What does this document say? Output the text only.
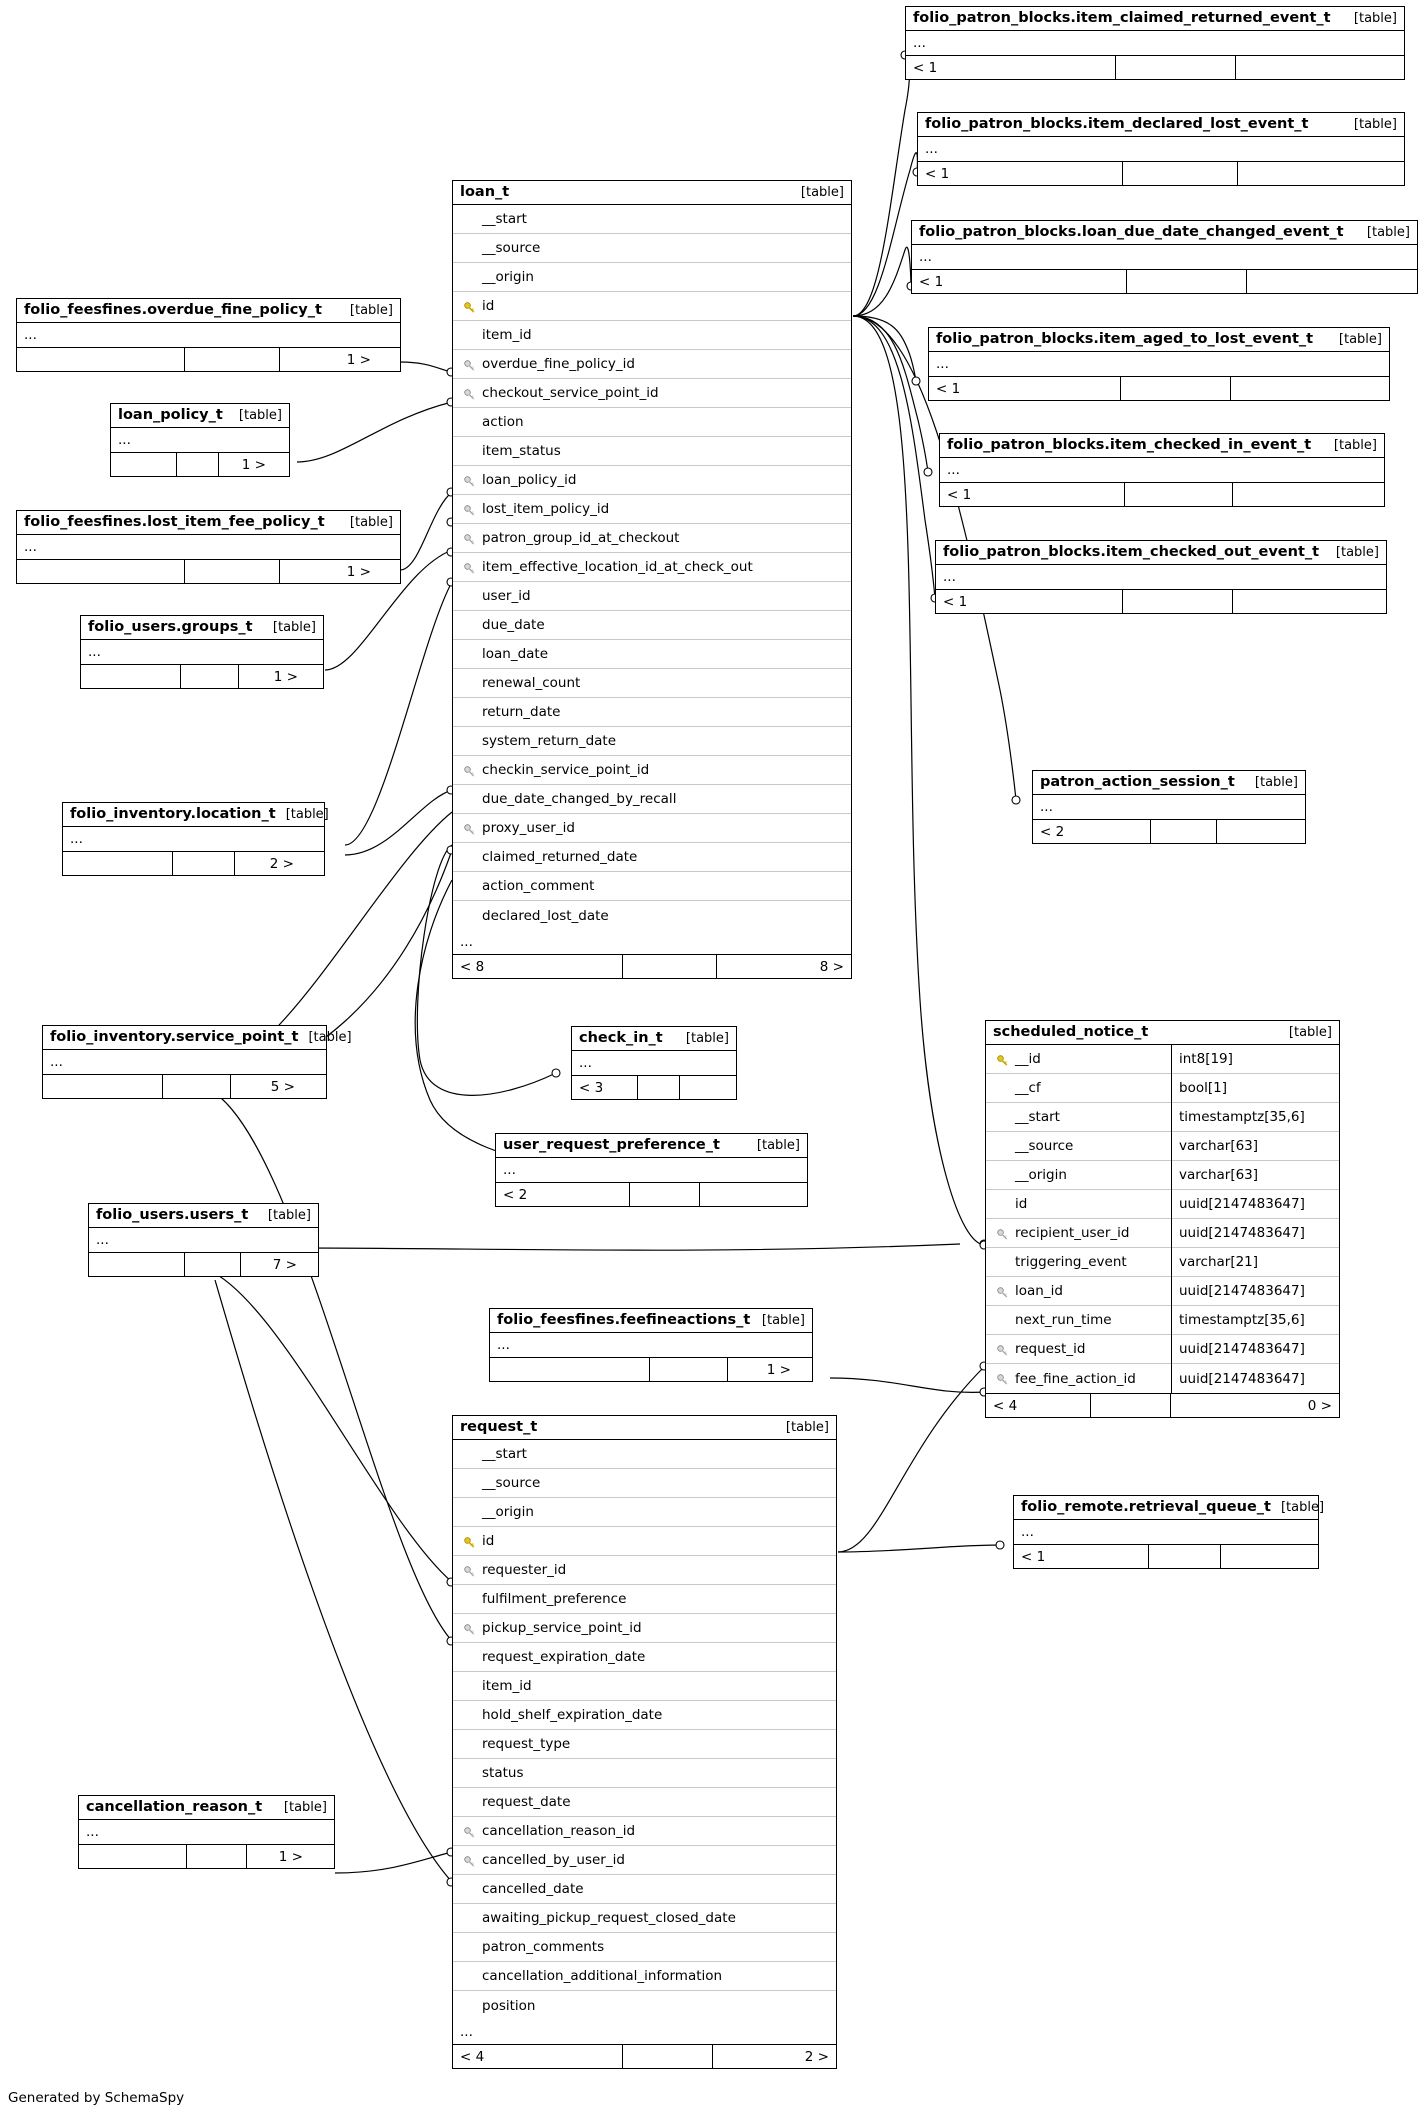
loan_t	[table]
__start
__source
__origin
id
item_id
overdue_fine_policy_id
checkout_service_point_id
action
item_status
loan_policy_id
lost_item_policy_id
patron_group_id_at_checkout
item_effective_location_id_at_check_out
user_id
due_date
loan_date
renewal_count
return_date
system_return_date
checkin_service_point_id
due_date_changed_by_recall
proxy_user_id
claimed_returned_date
action_comment
declared_lost_date
...
< 8	8 >
scheduled_notice_t	[table]
__id	int8[19]
__cf	bool[1]
__start	timestamptz[35,6]
__source	varchar[63]
__origin	varchar[63]
id	uuid[2147483647]
recipient_user_id	uuid[2147483647]
triggering_event	varchar[21]
loan_id	uuid[2147483647]
next_run_time	timestamptz[35,6]
request_id	uuid[2147483647]
fee_fine_action_id	uuid[2147483647]
< 4	0 >
request_t	[table]
__start
__source
__origin
id
requester_id
fulfilment_preference
pickup_service_point_id
request_expiration_date
item_id
hold_shelf_expiration_date
request_type
status
request_date
cancellation_reason_id
cancelled_by_user_id
cancelled_date
awaiting_pickup_request_closed_date
patron_comments
cancellation_additional_information
position
...
< 4	2 >
folio_patron_blocks.item_claimed_returned_event_t [table]
...
< 1
folio_patron_blocks.item_declared_lost_event_t	[table]
...
< 1
folio_patron_blocks.loan_due_date_changed_event_t [table]
...
< 1
folio_patron_blocks.item_aged_to_lost_event_t [table]
...
< 1
folio_patron_blocks.item_checked_in_event_t [table]
...
< 1
folio_patron_blocks.item_checked_out_event_t [table]
...
< 1
folio_feesfines.overdue_fine_policy_t [table]
...
1 >
loan_policy_t [table]
...
1 >
folio_feesfines.lost_item_fee_policy_t [table]
...
1 >
folio_users.groups_t [table]
...
1 >
folio_inventory.location_t [table]
...
2 >
folio_inventory.service_point_t [table]
...
5 >
folio_users.users_t [table]
...
7 >
patron_action_session_t [table]
...
< 2
check_in_t [table]
...
< 3
user_request_preference_t	[table]
...
< 2
folio_feesfines.feefineactions_t [table]
...
1 >
folio_remote.retrieval_queue_t [table]
...
< 1
cancellation_reason_t [table]
...
1 >
Generated by SchemaSpy
